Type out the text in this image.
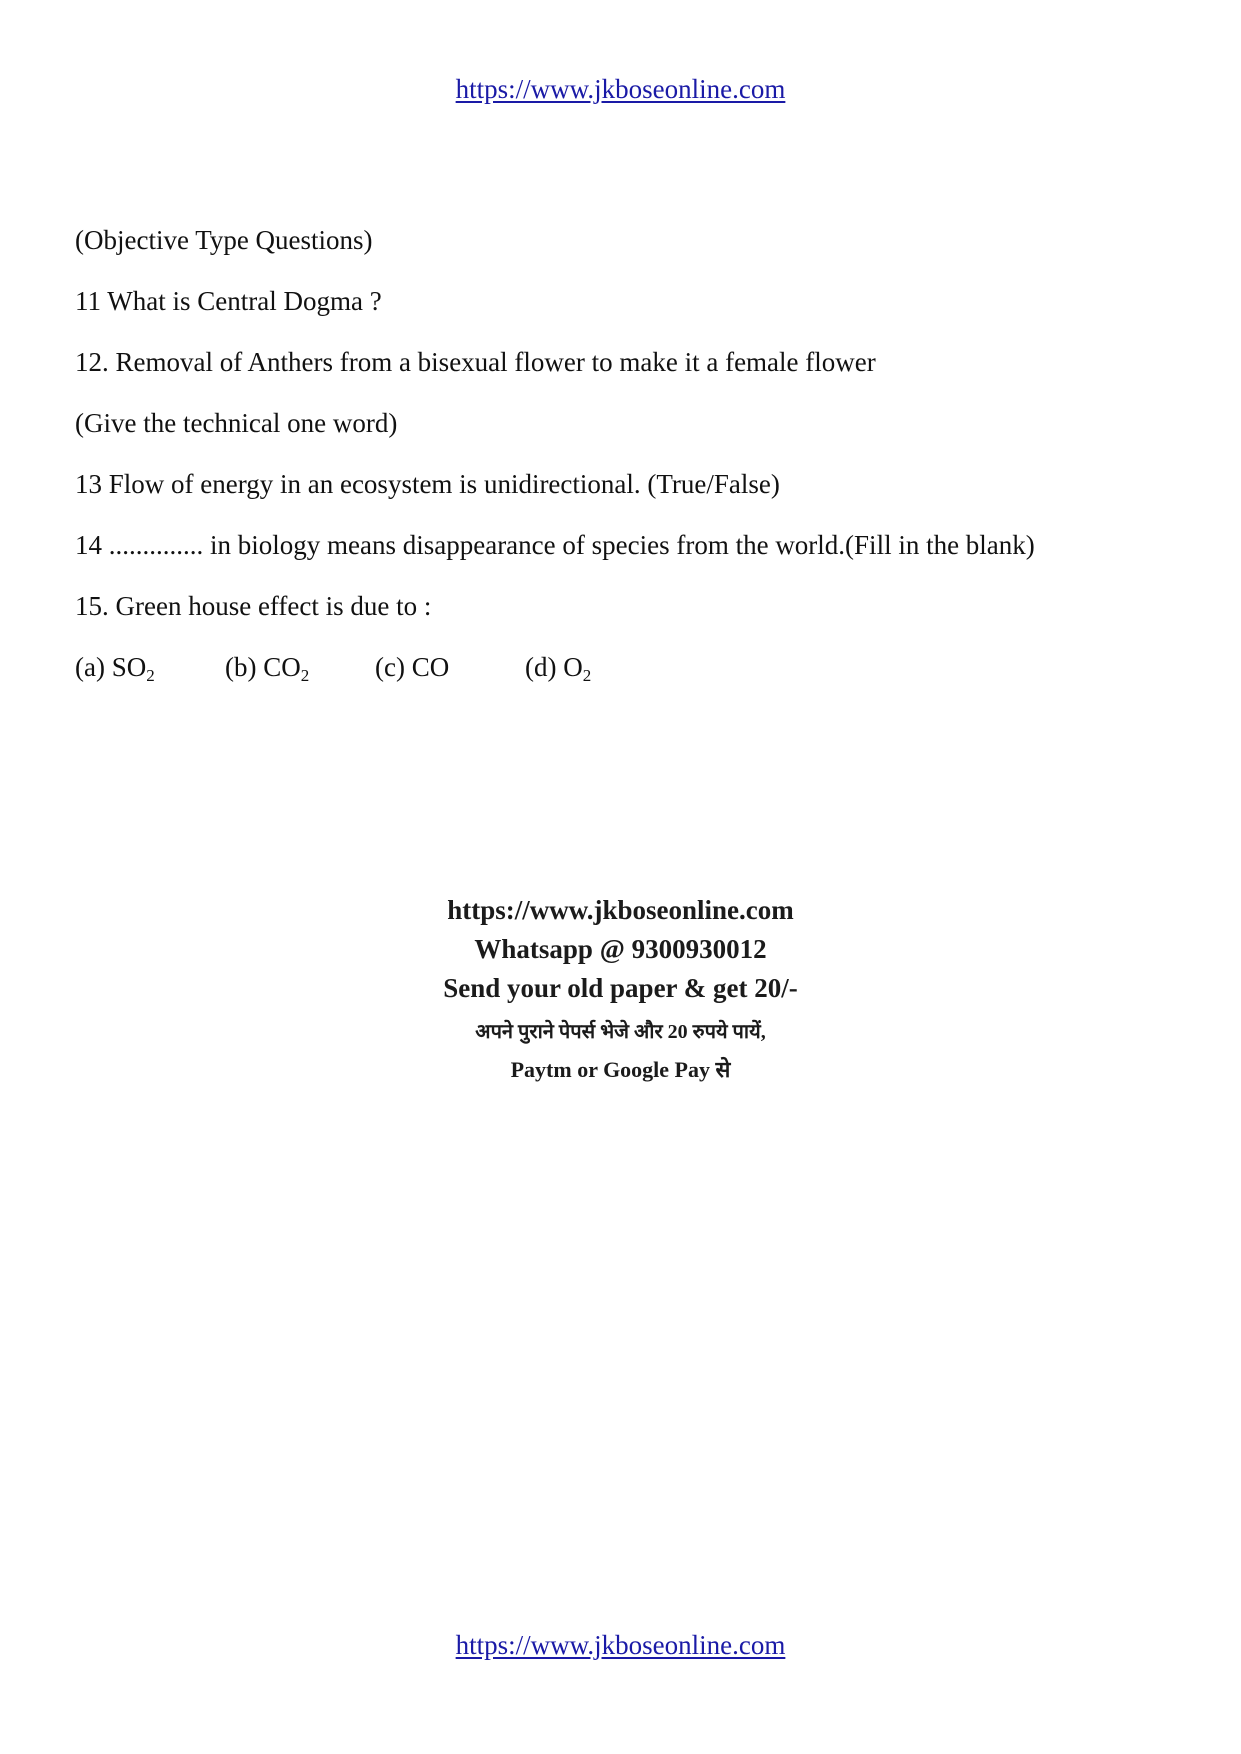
https://www.jkboseonline.com
(Objective Type Questions)
11 What is Central Dogma ?
12. Removal of Anthers from a bisexual flower to make it a female flower
(Give the technical one word)
13 Flow of energy in an ecosystem is unidirectional. (True/False)
14 .............. in biology means disappearance of species from the world.(Fill in the blank)
15. Green house effect is due to :
(a) $SO_2$	(b) $CO_2$ (c) CO	(d) $O_2$
https://www.jkboseonline.com
Whatsapp @ 9300930012
Send your old paper & get 20/-
अपने पुराने पेपर्स भेजे और 20 रुपये पायें,
Paytm or Google Pay से
https://www.jkboseonline.com
